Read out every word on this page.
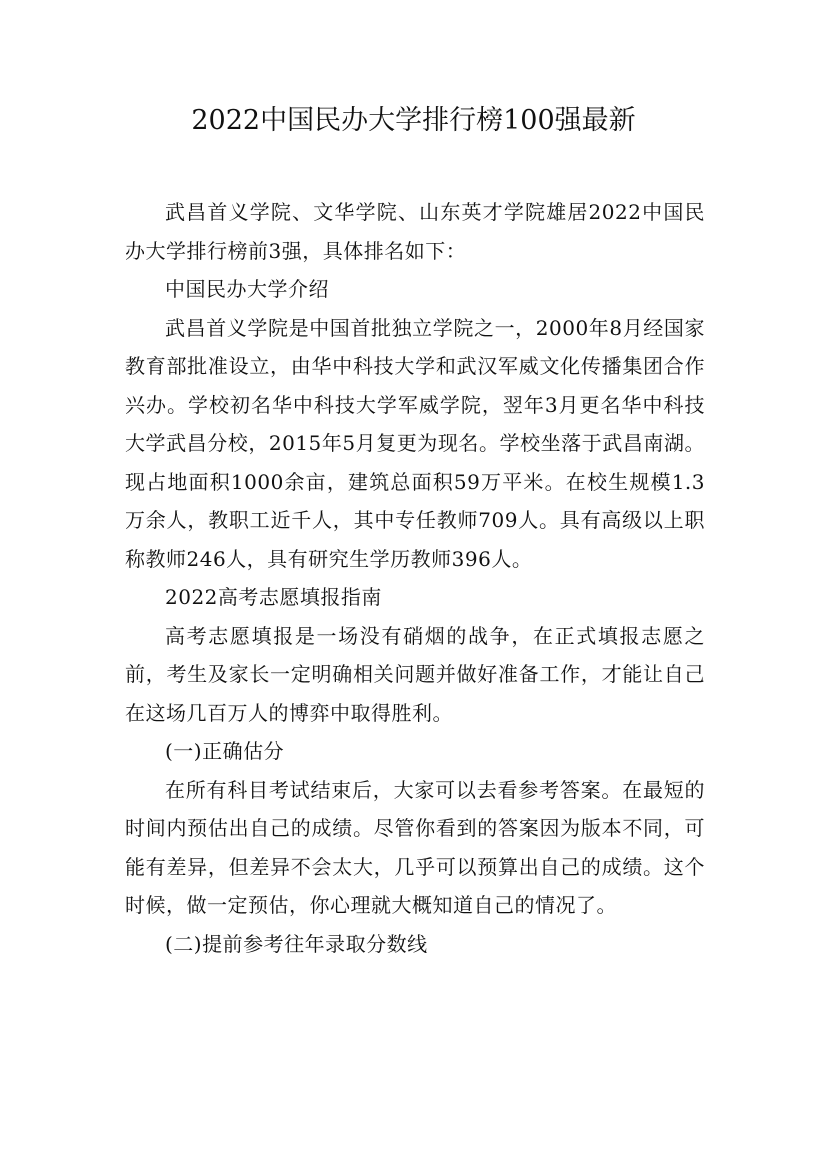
2022中国民办大学排行榜100强最新

武昌首义学院、文华学院、山东英才学院雄居2022中国民办大学排行榜前3强，具体排名如下：

中国民办大学介绍

武昌首义学院是中国首批独立学院之一，2000年8月经国家教育部批准设立，由华中科技大学和武汉军威文化传播集团合作兴办。学校初名华中科技大学军威学院，翌年3月更名华中科技大学武昌分校，2015年5月复更为现名。学校坐落于武昌南湖。现占地面积1000余亩，建筑总面积59万平米。在校生规模1.3万余人，教职工近千人，其中专任教师709人。具有高级以上职称教师246人，具有研究生学历教师396人。

2022高考志愿填报指南

高考志愿填报是一场没有硝烟的战争，在正式填报志愿之前，考生及家长一定明确相关问题并做好准备工作，才能让自己在这场几百万人的博弈中取得胜利。

(一)正确估分

在所有科目考试结束后，大家可以去看参考答案。在最短的时间内预估出自己的成绩。尽管你看到的答案因为版本不同，可能有差异，但差异不会太大，几乎可以预算出自己的成绩。这个时候，做一定预估，你心理就大概知道自己的情况了。

(二)提前参考往年录取分数线
